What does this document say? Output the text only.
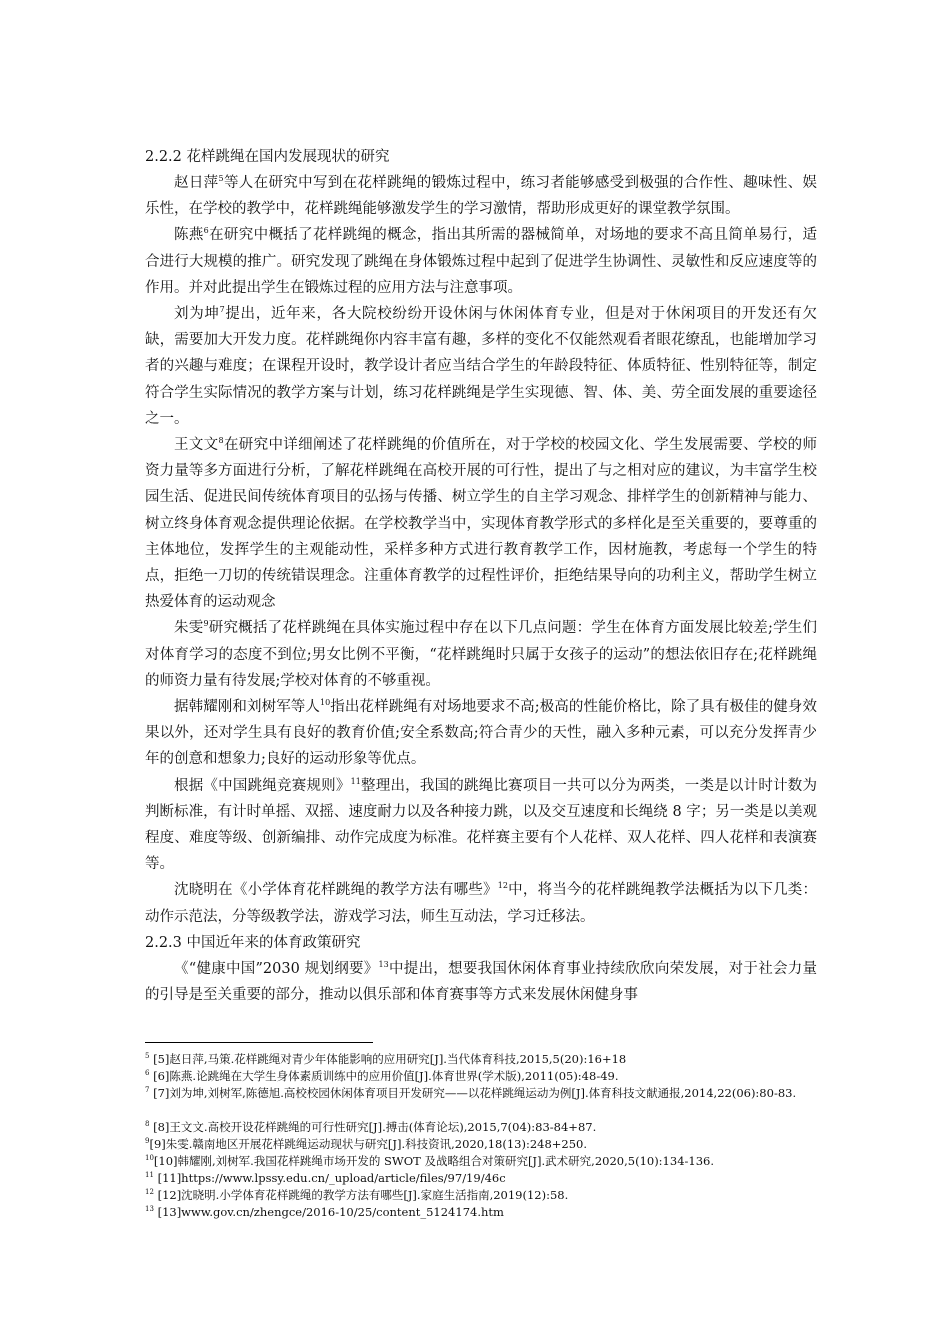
2.2.2 花样跳绳在国内发展现状的研究

赵日萍$^5$等人在研究中写到在花样跳绳的锻炼过程中，练习者能够感受到极强的合作性、趣味性、娱乐性，在学校的教学中，花样跳绳能够激发学生的学习激情，帮助形成更好的课堂教学氛围。

陈燕$^6$在研究中概括了花样跳绳的概念，指出其所需的器械简单，对场地的要求不高且简单易行，适合进行大规模的推广。研究发现了跳绳在身体锻炼过程中起到了促进学生协调性、灵敏性和反应速度等的作用。并对此提出学生在锻炼过程的应用方法与注意事项。

刘为坤$^7$提出，近年来，各大院校纷纷开设休闲与休闲体育专业，但是对于休闲项目的开发还有欠缺，需要加大开发力度。花样跳绳你内容丰富有趣，多样的变化不仅能然观看者眼花缭乱，也能增加学习者的兴趣与难度；在课程开设时，教学设计者应当结合学生的年龄段特征、体质特征、性别特征等，制定符合学生实际情况的教学方案与计划，练习花样跳绳是学生实现德、智、体、美、劳全面发展的重要途径之一。

王文文$^8$在研究中详细阐述了花样跳绳的价值所在，对于学校的校园文化、学生发展需要、学校的师资力量等多方面进行分析，了解花样跳绳在高校开展的可行性，提出了与之相对应的建议，为丰富学生校园生活、促进民间传统体育项目的弘扬与传播、树立学生的自主学习观念、排样学生的创新精神与能力、树立终身体育观念提供理论依据。在学校教学当中，实现体育教学形式的多样化是至关重要的，要尊重的主体地位，发挥学生的主观能动性，采样多种方式进行教育教学工作，因材施教，考虑每一个学生的特点，拒绝一刀切的传统错误理念。注重体育教学的过程性评价，拒绝结果导向的功利主义，帮助学生树立热爱体育的运动观念

朱雯$^9$研究概括了花样跳绳在具体实施过程中存在以下几点问题：学生在体育方面发展比较差;学生们对体育学习的态度不到位;男女比例不平衡，“花样跳绳时只属于女孩子的运动”的想法依旧存在;花样跳绳的师资力量有待发展;学校对体育的不够重视。

据韩耀刚和刘树军等人$^{10}$指出花样跳绳有对场地要求不高;极高的性能价格比，除了具有极佳的健身效果以外，还对学生具有良好的教育价值;安全系数高;符合青少的天性，融入多种元素，可以充分发挥青少年的创意和想象力;良好的运动形象等优点。

根据《中国跳绳竞赛规则》$^{11}$整理出，我国的跳绳比赛项目一共可以分为两类，一类是以计时计数为判断标准，有计时单摇、双摇、速度耐力以及各种接力跳，以及交互速度和长绳绕 8 字；另一类是以美观程度、难度等级、创新编排、动作完成度为标准。花样赛主要有个人花样、双人花样、四人花样和表演赛等。

沈晓明在《小学体育花样跳绳的教学方法有哪些》$^{12}$中，将当今的花样跳绳教学法概括为以下几类：动作示范法，分等级教学法，游戏学习法，师生互动法，学习迁移法。

2.2.3 中国近年来的体育政策研究

《“健康中国”2030 规划纲要》$^{13}$中提出，想要我国休闲体育事业持续欣欣向荣发展，对于社会力量的引导是至关重要的部分，推动以俱乐部和体育赛事等方式来发展休闲健身事

$^5$ [5]赵日萍,马策.花样跳绳对青少年体能影响的应用研究[J].当代体育科技,2015,5(20):16+18

$^6$ [6]陈燕.论跳绳在大学生身体素质训练中的应用价值[J].体育世界(学术版),2011(05):48-49.

$^7$ [7]刘为坤,刘树军,陈德旭.高校校园休闲体育项目开发研究——以花样跳绳运动为例[J].体育科技文献通报,2014,22(06):80-83.

$^8$ [8]王文文.高校开设花样跳绳的可行性研究[J].搏击(体育论坛),2015,7(04):83-84+87.

$^9$[9]朱雯.赣南地区开展花样跳绳运动现状与研究[J].科技资讯,2020,18(13):248+250.

$^{10}$[10]韩耀刚,刘树军.我国花样跳绳市场开发的 SWOT 及战略组合对策研究[J].武术研究,2020,5(10):134-136.

$^{11}$ [11]https://www.lpssy.edu.cn/_upload/article/files/97/19/46c

$^{12}$ [12]沈晓明.小学体育花样跳绳的教学方法有哪些[J].家庭生活指南,2019(12):58.

$^{13}$ [13]www.gov.cn/zhengce/2016-10/25/content_5124174.htm
